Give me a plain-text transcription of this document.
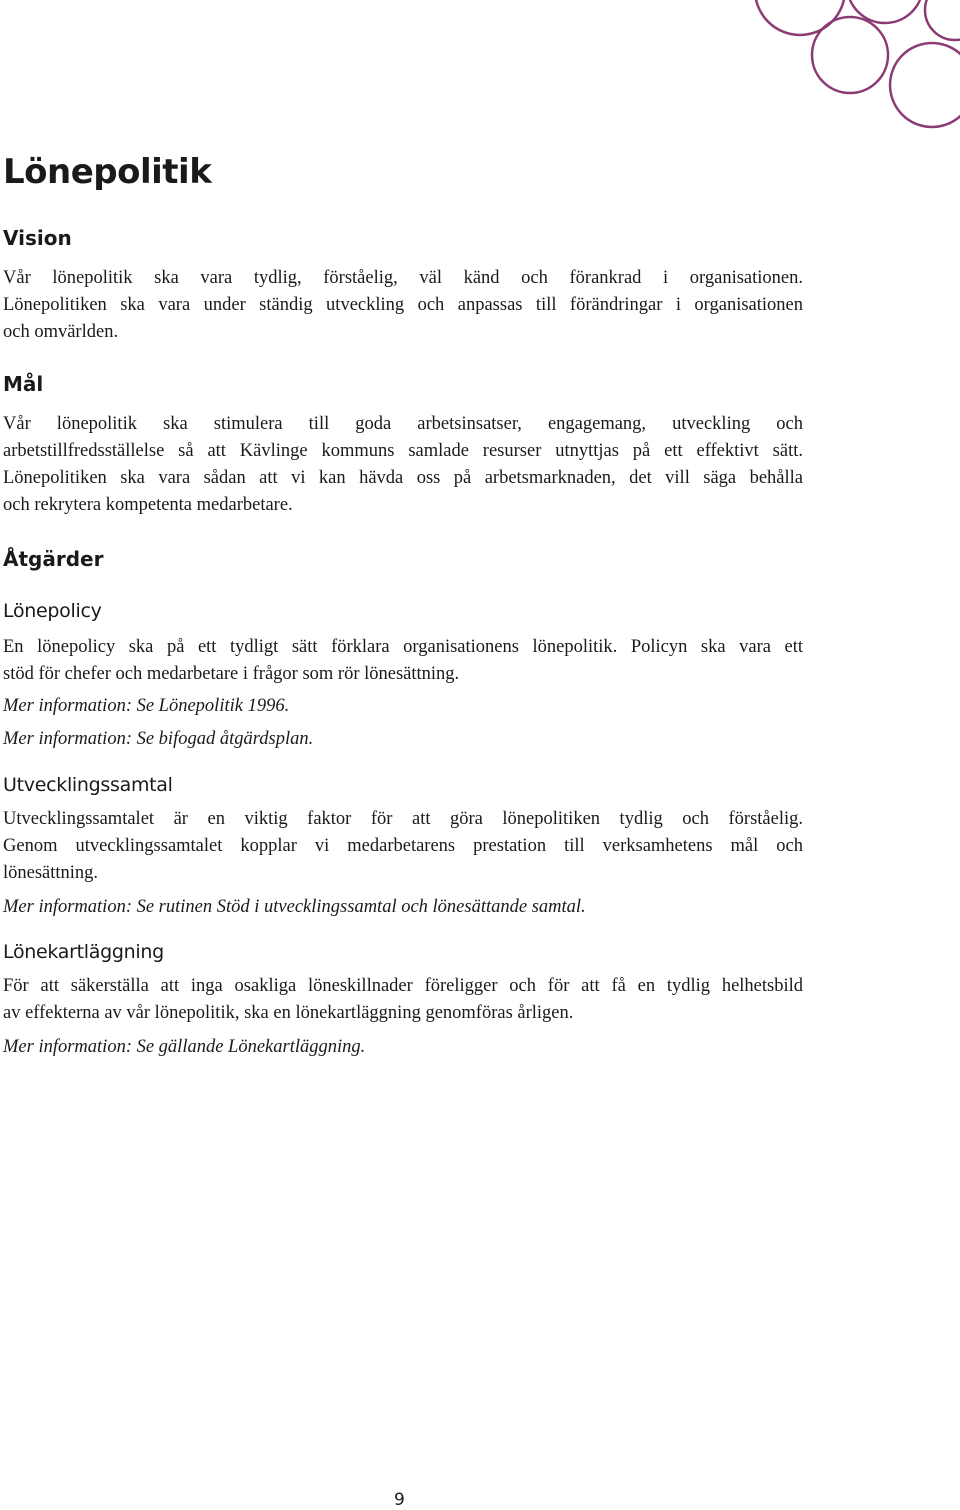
Lönepolitik
Vision
Vår lönepolitik ska vara tydlig, förståelig, väl känd och förankrad i organisationen.
Lönepolitiken ska vara under ständig utveckling och anpassas till förändringar i organisationen
och omvärlden.
Mål
Vår lönepolitik ska stimulera till goda arbetsinsatser, engagemang, utveckling och
arbetstillfredsställelse så att Kävlinge kommuns samlade resurser utnyttjas på ett effektivt sätt.
Lönepolitiken ska vara sådan att vi kan hävda oss på arbetsmarknaden, det vill säga behålla
och rekrytera kompetenta medarbetare.
Åtgärder
Lönepolicy
En lönepolicy ska på ett tydligt sätt förklara organisationens lönepolitik. Policyn ska vara ett
stöd för chefer och medarbetare i frågor som rör lönesättning.

Mer information: Se Lönepolitik 1996.

Mer information: Se bifogad åtgärdsplan.

Utvecklingssamtal
Utvecklingssamtalet är en viktig faktor för att göra lönepolitiken tydlig och förståelig.
Genom utvecklingssamtalet kopplar vi medarbetarens prestation till verksamhetens mål och
lönesättning.

Mer information: Se rutinen Stöd i utvecklingssamtal och lönesättande samtal.

Lönekartläggning
För att säkerställa att inga osakliga löneskillnader föreligger och för att få en tydlig helhetsbild
av effekterna av vår lönepolitik, ska en lönekartläggning genomföras årligen.

Mer information: Se gällande Lönekartläggning.

9
